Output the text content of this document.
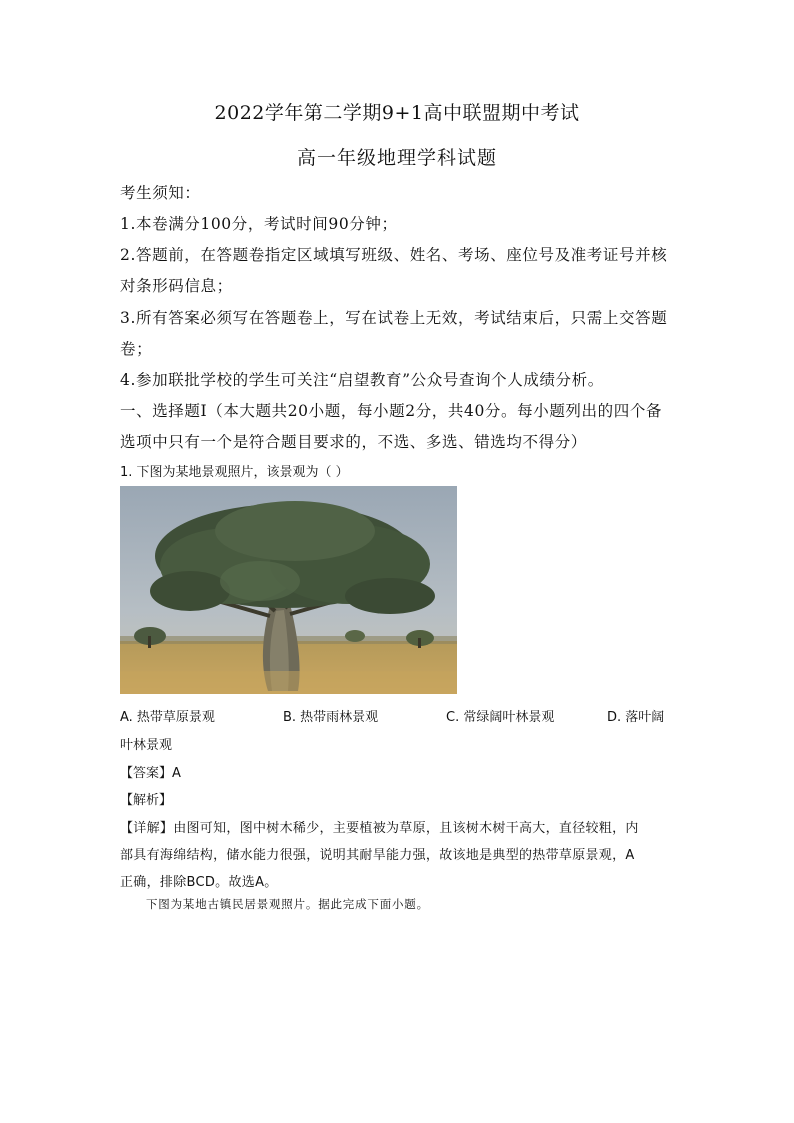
2022学年第二学期9+1高中联盟期中考试
高一年级地理学科试题
考生须知：
1.本卷满分100分，考试时间90分钟；
2.答题前，在答题卷指定区域填写班级、姓名、考场、座位号及准考证号并核
对条形码信息；
3.所有答案必须写在答题卷上，写在试卷上无效，考试结束后，只需上交答题
卷；
4.参加联批学校的学生可关注“启望教育”公众号查询个人成绩分析。
一、选择题I（本大题共20小题，每小题2分，共40分。每小题列出的四个备
选项中只有一个是符合题目要求的，不选、多选、错选均不得分）
1. 下图为某地景观照片，该景观为（ ）
A. 热带草原景观	B. 热带雨林景观	C. 常绿阔叶林景观	D. 落叶阔
叶林景观
【答案】A
【解析】
【详解】由图可知，图中树木稀少，主要植被为草原，且该树木树干高大，直径较粗，内
部具有海绵结构，储水能力很强，说明其耐旱能力强，故该地是典型的热带草原景观，A
正确，排除BCD。故选A。
下图为某地古镇民居景观照片。据此完成下面小题。
